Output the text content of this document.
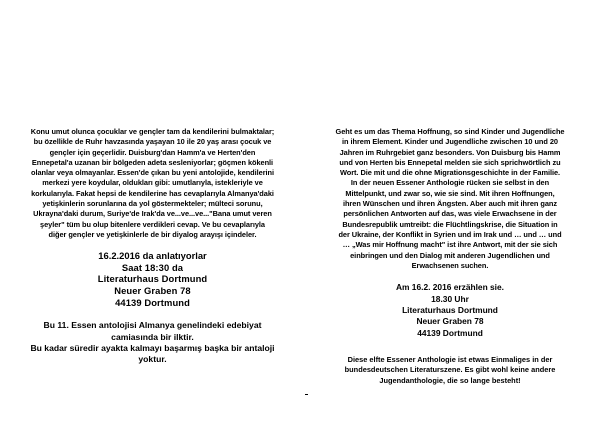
Konu umut olunca çocuklar ve gençler tam da kendilerini bulmaktalar;
bu özellikle de Ruhr havzasında yaşayan 10 ile 20 yaş arası çocuk ve
gençler için geçerlidir. Duisburg'dan Hamm'a ve Herten'den
Ennepetal'a uzanan bir bölgeden adeta sesleniyorlar; göçmen kökenli
olanlar veya olmayanlar. Essen'de çıkan bu yeni antolojide, kendilerini
merkezi yere koydular, oldukları gibi: umutlarıyla, istekleriyle ve
korkularıyla. Fakat hepsi de kendilerine has cevaplarıyla Almanya'daki
yetişkinlerin sorunlarına da yol göstermekteler; mülteci sorunu,
Ukrayna'daki durum, Suriye'de Irak'da ve...ve...ve..."Bana umut veren
şeyler" tüm bu olup bitenlere verdikleri cevap. Ve bu cevaplarıyla
diğer gençler ve yetişkinlerle de bir diyalog arayışı içindeler.
16.2.2016 da anlatıyorlar
Saat 18:30 da
Literaturhaus Dortmund
Neuer Graben 78
44139 Dortmund
Bu 11. Essen antolojisi Almanya genelindeki edebiyat
camiasında bir ilktir.
Bu kadar süredir ayakta kalmayı başarmış başka bir antaloji
yoktur.
Geht es um das Thema Hoffnung, so sind Kinder und Jugendliche
in ihrem Element. Kinder und Jugendliche zwischen 10 und 20
Jahren im Ruhrgebiet ganz besonders. Von Duisburg bis Hamm
und von Herten bis Ennepetal melden sie sich sprichwörtlich zu
Wort. Die mit und die ohne Migrationsgeschichte in der Familie.
In der neuen Essener Anthologie rücken sie selbst in den
Mittelpunkt, und zwar so, wie sie sind. Mit ihren Hoffnungen,
ihren Wünschen und ihren Ängsten. Aber auch mit ihren ganz
persönlichen Antworten auf das, was viele Erwachsene in der
Bundesrepublik umtreibt: die Flüchtlingskrise, die Situation in
der Ukraine, der Konflikt in Syrien und im Irak und … und … und
… „Was mir Hoffnung macht" ist ihre Antwort, mit der sie sich
einbringen und den Dialog mit anderen Jugendlichen und
Erwachsenen suchen.
Am 16.2. 2016 erzählen sie.
18.30 Uhr
Literaturhaus Dortmund
Neuer Graben 78
44139 Dortmund
Diese elfte Essener Anthologie ist etwas Einmaliges in der
bundesdeutschen Literaturszene. Es gibt wohl keine andere
Jugendanthologie, die so lange besteht!
